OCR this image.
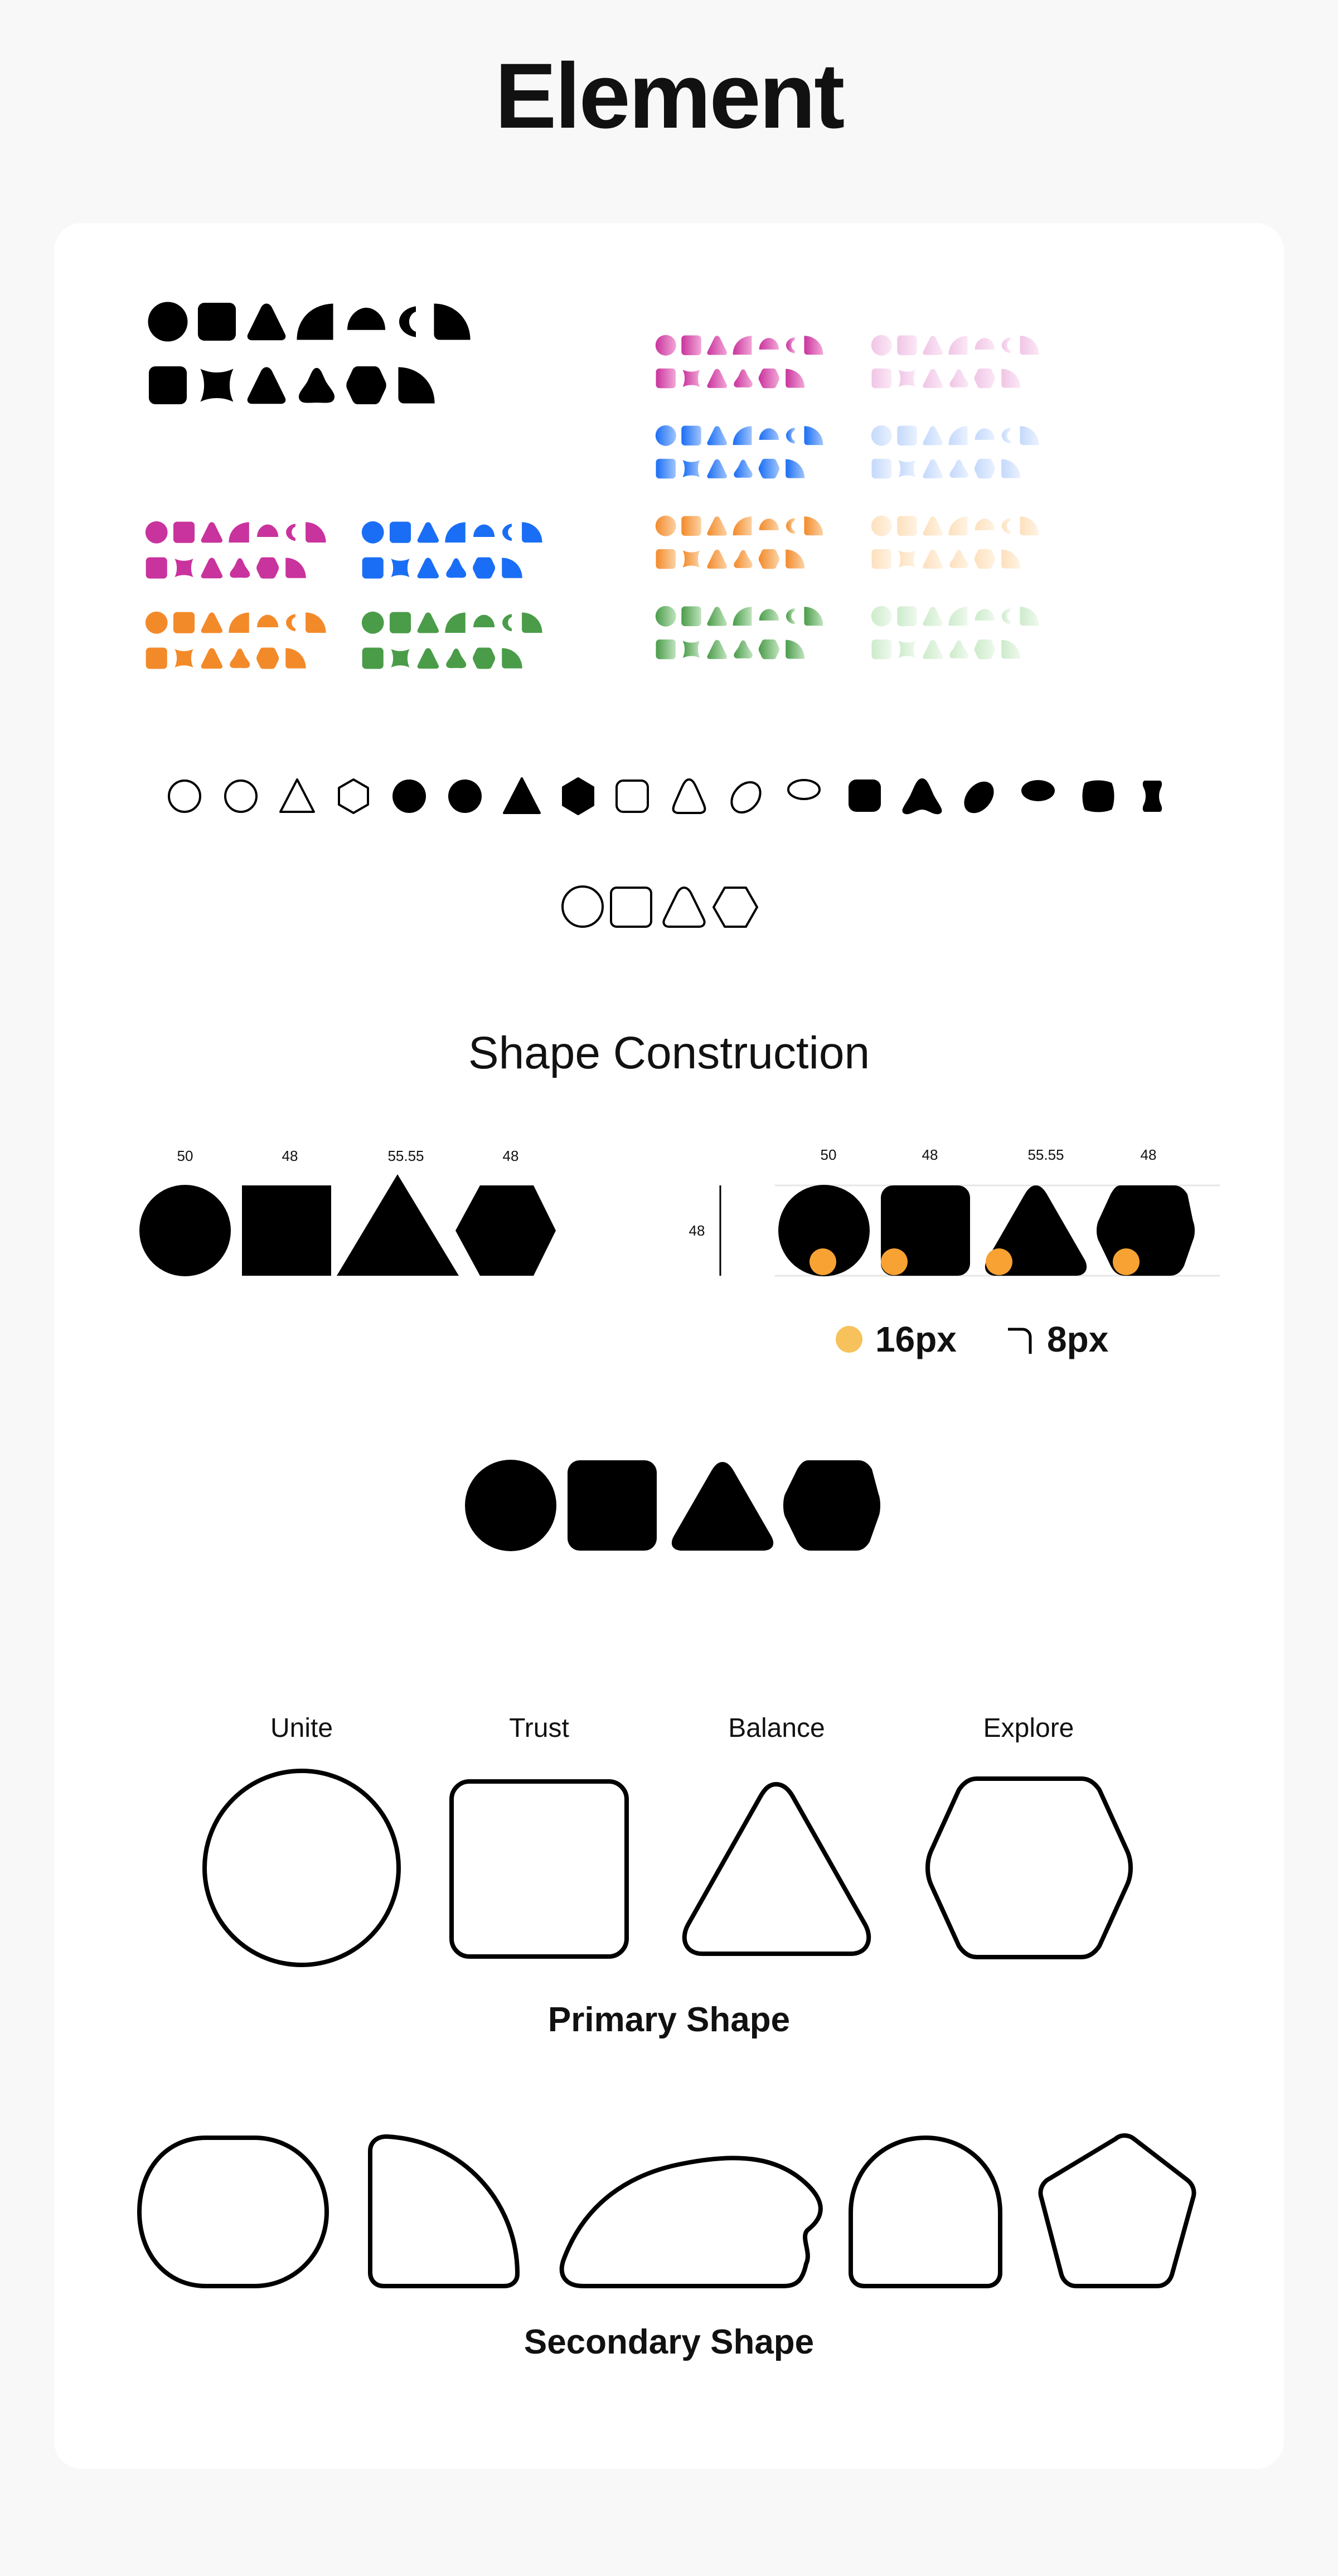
Element
Shape Construction
50	48	55.55	48
48
50	48	55.55	48
16px	8px
Unite	Trust	Balance	Explore
Primary Shape
Secondary Shape
